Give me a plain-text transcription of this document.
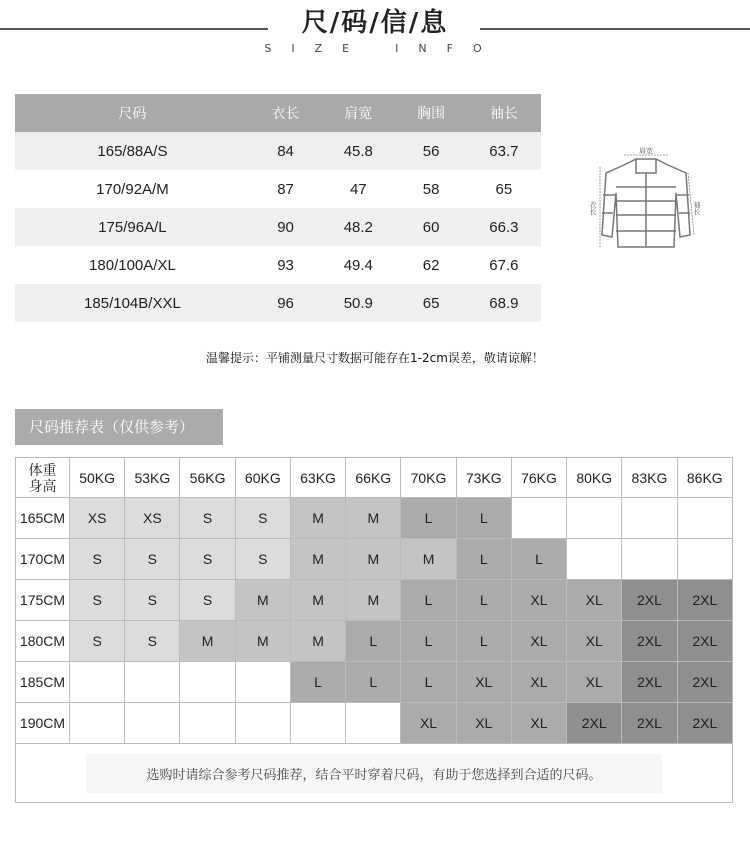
尺/码/信/息
S I Z E	I N F O
尺码	衣长	肩宽	胸围	袖长
165/88A/S	84	45.8	56	63.7
170/92A/M	87	47	58	65
175/96A/L	90	48.2	60	66.3
180/100A/XL	93	49.4	62	67.6
185/104B/XXL	96	50.9	65	68.9
肩宽
衣长	袖长
温馨提示：平铺测量尺寸数据可能存在1-2cm误差，敬请谅解！
尺码推荐表（仅供参考）
体重
身高	50KG	53KG	56KG	60KG	63KG	66KG	70KG	73KG	76KG	80KG	83KG	86KG
165CM	XS	XS	S	S	M	M	L	L				
170CM	S	S	S	S	M	M	M	L	L			
175CM	S	S	S	M	M	M	L	L	XL	XL	2XL	2XL
180CM	S	S	M	M	M	L	L	L	XL	XL	2XL	2XL
185CM					L	L	L	XL	XL	XL	2XL	2XL
190CM							XL	XL	XL	2XL	2XL	2XL
选购时请综合参考尺码推荐，结合平时穿着尺码，有助于您选择到合适的尺码。												
